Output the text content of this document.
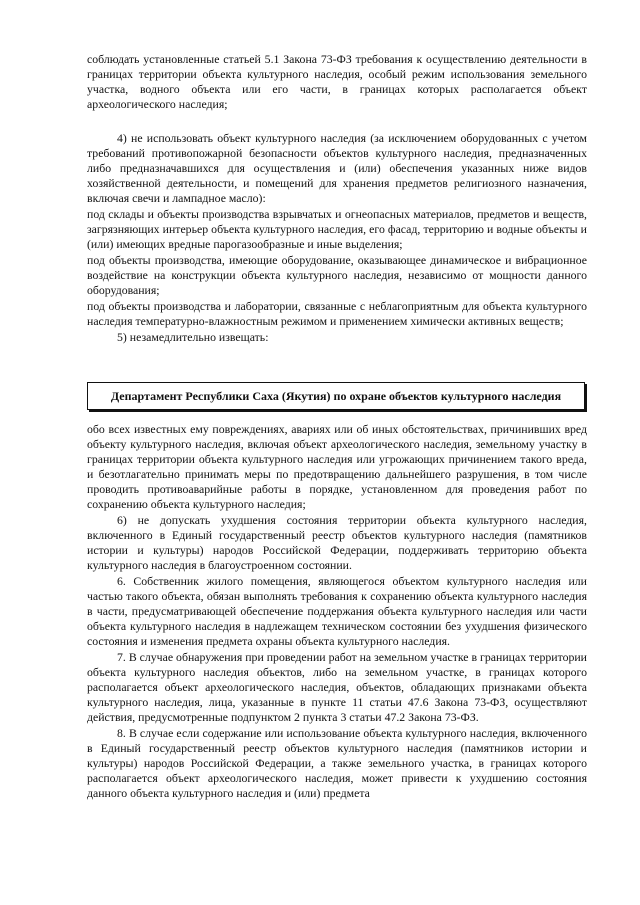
соблюдать установленные статьей 5.1 Закона 73-ФЗ требования к осуществлению деятельности в границах территории объекта культурного наследия, особый режим использования земельного участка, водного объекта или его части, в границах которых располагается объект археологического наследия;

4) не использовать объект культурного наследия (за исключением оборудованных с учетом требований противопожарной безопасности объектов культурного наследия, предназначенных либо предназначавшихся для осуществления и (или) обеспечения указанных ниже видов хозяйственной деятельности, и помещений для хранения предметов религиозного назначения, включая свечи и лампадное масло):

под склады и объекты производства взрывчатых и огнеопасных материалов, предметов и веществ, загрязняющих интерьер объекта культурного наследия, его фасад, территорию и водные объекты и (или) имеющих вредные парогазообразные и иные выделения;

под объекты производства, имеющие оборудование, оказывающее динамическое и вибрационное воздействие на конструкции объекта культурного наследия, независимо от мощности данного оборудования;

под объекты производства и лаборатории, связанные с неблагоприятным для объекта культурного наследия температурно-влажностным режимом и применением химически активных веществ;

5) незамедлительно извещать:

Департамент Республики Саха (Якутия) по охране объектов культурного наследия

обо всех известных ему повреждениях, авариях или об иных обстоятельствах, причинивших вред объекту культурного наследия, включая объект археологического наследия, земельному участку в границах территории объекта культурного наследия или угрожающих причинением такого вреда, и безотлагательно принимать меры по предотвращению дальнейшего разрушения, в том числе проводить противоаварийные работы в порядке, установленном для проведения работ по сохранению объекта культурного наследия;

6) не допускать ухудшения состояния территории объекта культурного наследия, включенного в Единый государственный реестр объектов культурного наследия (памятников истории и культуры) народов Российской Федерации, поддерживать территорию объекта культурного наследия в благоустроенном состоянии.

6. Собственник жилого помещения, являющегося объектом культурного наследия или частью такого объекта, обязан выполнять требования к сохранению объекта культурного наследия в части, предусматривающей обеспечение поддержания объекта культурного наследия или части объекта культурного наследия в надлежащем техническом состоянии без ухудшения физического состояния и изменения предмета охраны объекта культурного наследия.

7. В случае обнаружения при проведении работ на земельном участке в границах территории объекта культурного наследия объектов, либо на земельном участке, в границах которого располагается объект археологического наследия, объектов, обладающих признаками объекта культурного наследия, лица, указанные в пункте 11 статьи 47.6 Закона 73-ФЗ, осуществляют действия, предусмотренные подпунктом 2 пункта 3 статьи 47.2 Закона 73-ФЗ.

8. В случае если содержание или использование объекта культурного наследия, включенного в Единый государственный реестр объектов культурного наследия (памятников истории и культуры) народов Российской Федерации, а также земельного участка, в границах которого располагается объект археологического наследия, может привести к ухудшению состояния данного объекта культурного наследия и (или) предмета
